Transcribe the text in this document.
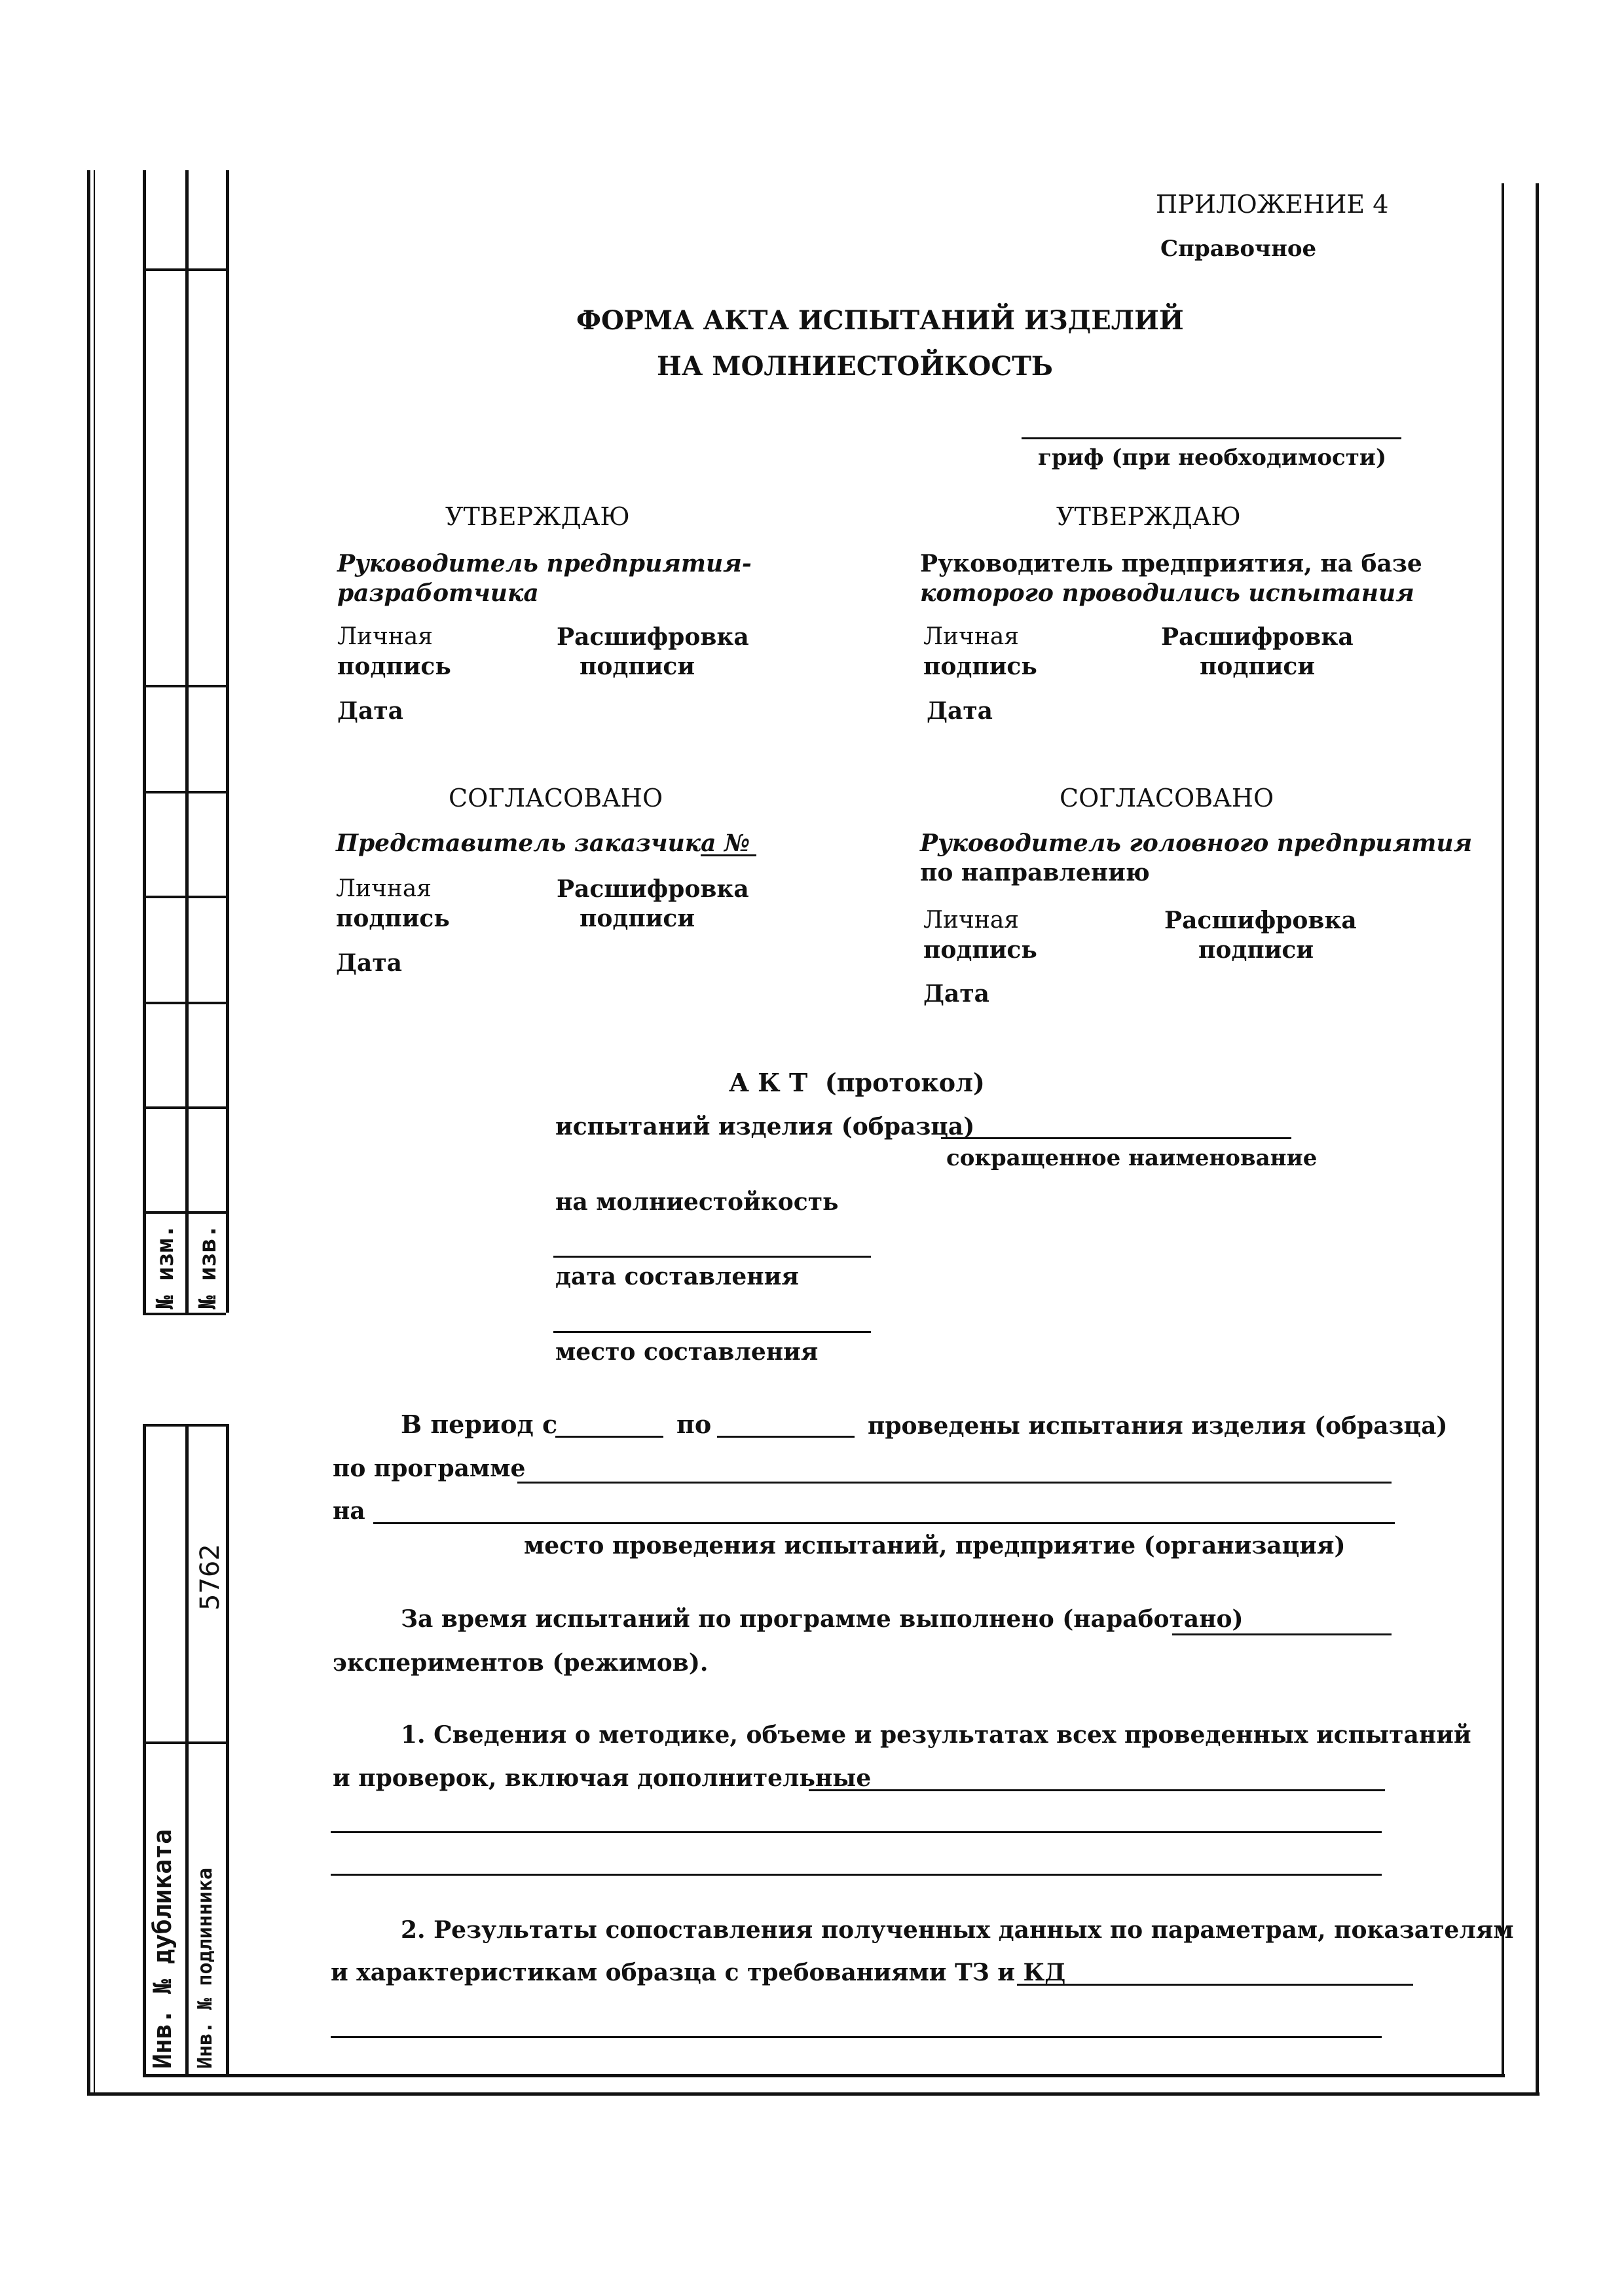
№ изм. № изв.
5762
Инв. № дубликата Инв. № подлинника
ПРИЛОЖЕНИЕ 4
Справочное
ФОРМА АКТА ИСПЫТАНИЙ ИЗДЕЛИЙ
НА МОЛНИЕСТОЙКОСТЬ
гриф (при необходимости)
УТВЕРЖДАЮ
Руководитель предприятия-
разработчика
Личная
подпись
Расшифровка
подписи
Дата
УТВЕРЖДАЮ
Руководитель предприятия, на базе
которого проводились испытания
Личная
подпись
Расшифровка
подписи
Дата
СОГЛАСОВАНО
Представитель заказчика №
Личная
подпись
Расшифровка
подписи
Дата
СОГЛАСОВАНО
Руководитель головного предприятия
по направлению
Личная
подпись
Расшифровка
подписи
Дата
А К Т  (протокол)
испытаний изделия (образца)
сокращенное наименование
на молниестойкость
дата составления
место составления
В период с	по	проведены испытания изделия (образца)
по программе
на
место проведения испытаний, предприятие (организация)
За время испытаний по программе выполнено (наработано)
экспериментов (режимов).
1. Сведения о методике, объеме и результатах всех проведенных испытаний
и проверок, включая дополнительные
2. Результаты сопоставления полученных данных по параметрам, показателям
и характеристикам образца с требованиями ТЗ и КД
